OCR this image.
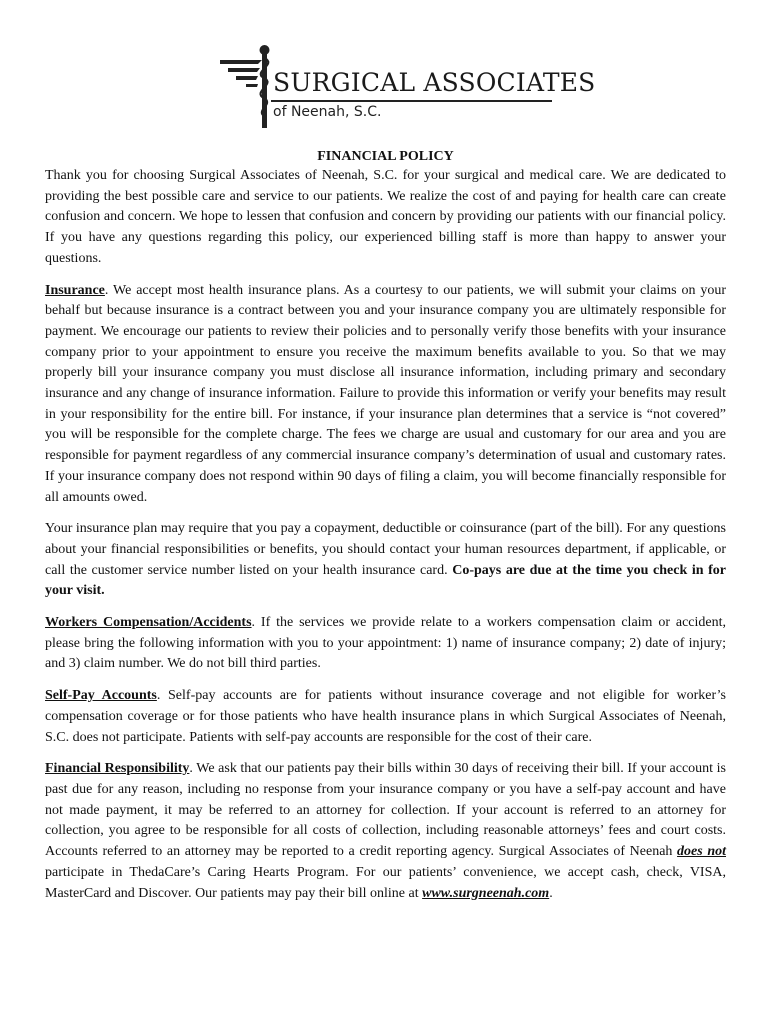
SURGICAL ASSOCIATES
of Neenah, S.C.
FINANCIAL POLICY

Thank you for choosing Surgical Associates of Neenah, S.C. for your surgical and medical care. We are dedicated to providing the best possible care and service to our patients. We realize the cost of and paying for health care can create confusion and concern. We hope to lessen that confusion and concern by providing our patients with our financial policy. If you have any questions regarding this policy, our experienced billing staff is more than happy to answer your questions.

Insurance. We accept most health insurance plans. As a courtesy to our patients, we will submit your claims on your behalf but because insurance is a contract between you and your insurance company you are ultimately responsible for payment. We encourage our patients to review their policies and to personally verify those benefits with your insurance company prior to your appointment to ensure you receive the maximum benefits available to you. So that we may properly bill your insurance company you must disclose all insurance information, including primary and secondary insurance and any change of insurance information. Failure to provide this information or verify your benefits may result in your responsibility for the entire bill. For instance, if your insurance plan determines that a service is “not covered” you will be responsible for the complete charge. The fees we charge are usual and customary for our area and you are responsible for payment regardless of any commercial insurance company’s determination of usual and customary rates. If your insurance company does not respond within 90 days of filing a claim, you will become financially responsible for all amounts owed.

Your insurance plan may require that you pay a copayment, deductible or coinsurance (part of the bill). For any questions about your financial responsibilities or benefits, you should contact your human resources department, if applicable, or call the customer service number listed on your health insurance card. Co-pays are due at the time you check in for your visit.

Workers Compensation/Accidents. If the services we provide relate to a workers compensation claim or accident, please bring the following information with you to your appointment: 1) name of insurance company; 2) date of injury; and 3) claim number. We do not bill third parties.

Self-Pay Accounts. Self-pay accounts are for patients without insurance coverage and not eligible for worker’s compensation coverage or for those patients who have health insurance plans in which Surgical Associates of Neenah, S.C. does not participate. Patients with self-pay accounts are responsible for the cost of their care.

Financial Responsibility. We ask that our patients pay their bills within 30 days of receiving their bill. If your account is past due for any reason, including no response from your insurance company or you have a self-pay account and have not made payment, it may be referred to an attorney for collection. If your account is referred to an attorney for collection, you agree to be responsible for all costs of collection, including reasonable attorneys’ fees and court costs. Accounts referred to an attorney may be reported to a credit reporting agency. Surgical Associates of Neenah does not participate in ThedaCare’s Caring Hearts Program. For our patients’ convenience, we accept cash, check, VISA, MasterCard and Discover. Our patients may pay their bill online at www.surgneenah.com.
